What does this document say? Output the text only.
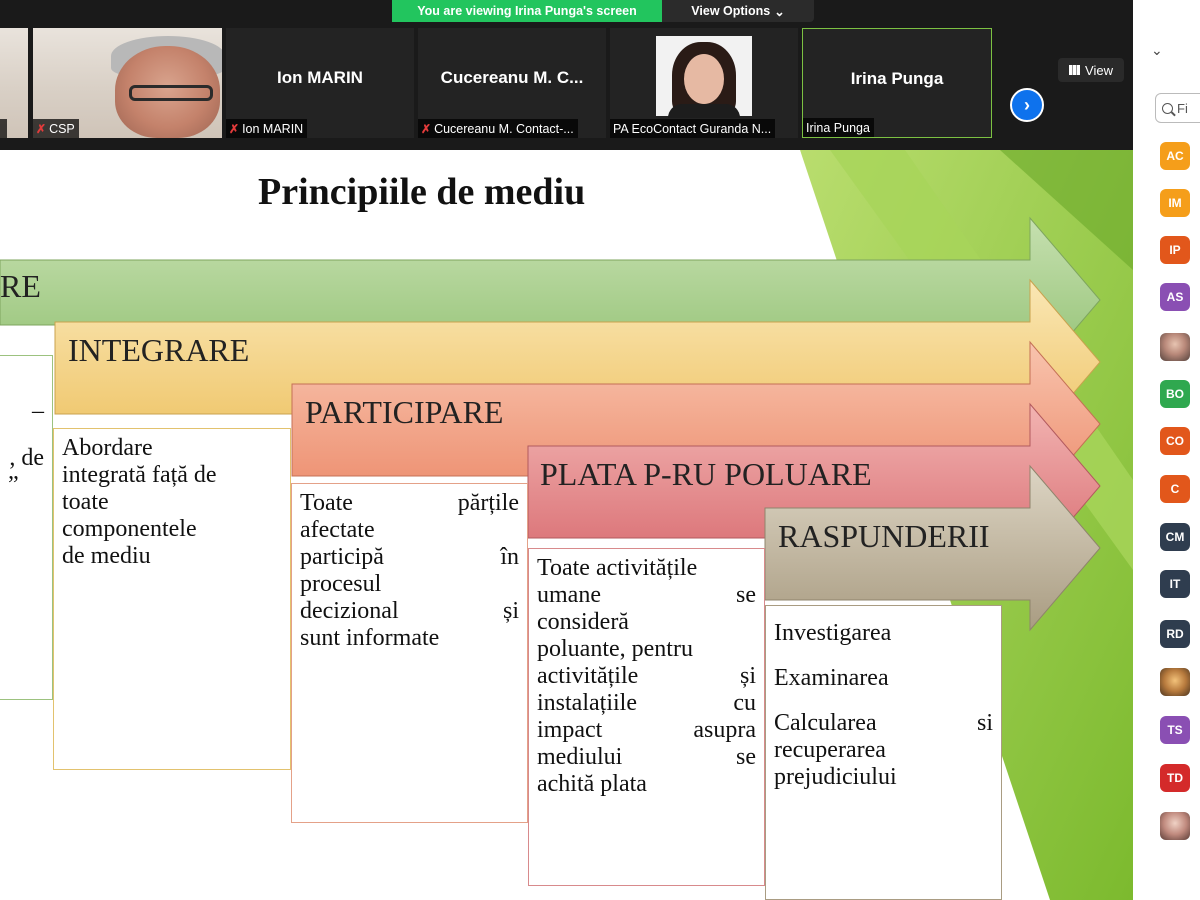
You are viewing Irina Punga's screen	View Options ⌄
✗ CSP
Ion MARIN
✗ Ion MARIN
Cucereanu M. C...
✗ Cucereanu M. Contact-...	PA EcoContact Guranda N...
Irina Punga
Irina Punga
›
View
Principiile de mediu
RE
INTEGRARE
PARTICIPARE
PLATA P-RU POLUARE
RASPUNDERII
–
, de
”
Abordare
integrată față de
toate
componentele
de mediu
Toate	părțile
afectate
participă	în
procesul
decizional	și
sunt informate
Toate activitățile
umane	se
consideră
poluante, pentru
activitățile	și
instalațiile	cu
impact	asupra
mediului	se
achită plata
Investigarea
Examinarea
Calcularea	si
recuperarea
prejudiciului
⌄
Fi
AC
IM
IP
AS
BO
CO
C
CM
IT
RD
TS
TD
